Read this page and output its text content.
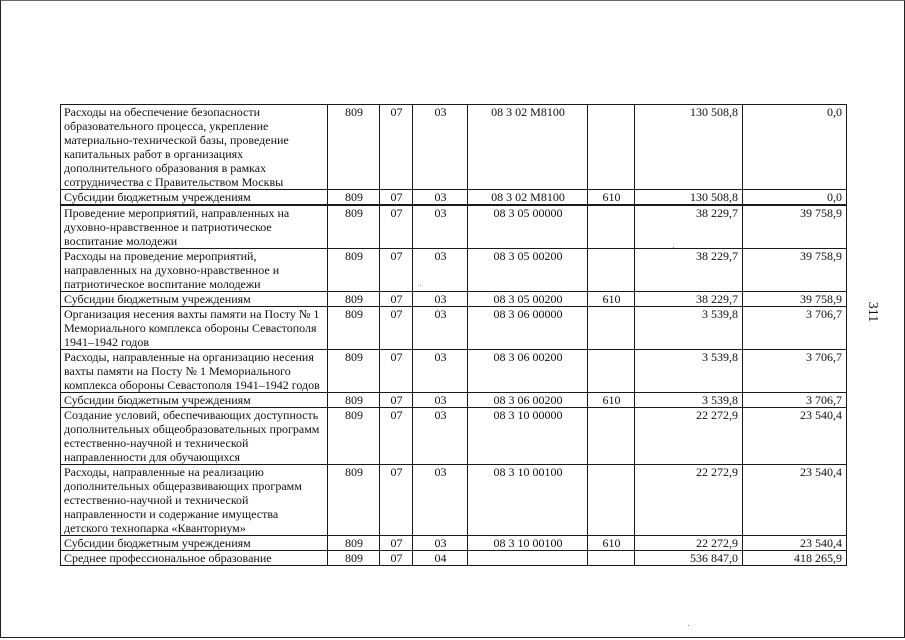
Расходы на обеспечение безопасности образовательного процесса, укрепление материально-технической базы, проведение капитальных работ в организациях дополнительного образования в рамках сотрудничества с Правительством Москвы	809	07	03	08 3 02 M8100		130 508,8	0,0
Субсидии бюджетным учреждениям	809	07	03	08 3 02 M8100	610	130 508,8	0,0
Проведение мероприятий, направленных на духовно-нравственное и патриотическое воспитание молодежи	809	07	03	08 3 05 00000		38 229,7	39 758,9
Расходы на проведение мероприятий, направленных на духовно-нравственное и патриотическое воспитание молодежи	809	07	03	08 3 05 00200		38 229,7	39 758,9
Субсидии бюджетным учреждениям	809	07	03	08 3 05 00200	610	38 229,7	39 758,9
Организация несения вахты памяти на Посту № 1 Мемориального комплекса обороны Севастополя 1941–1942 годов	809	07	03	08 3 06 00000		3 539,8	3 706,7
Расходы, направленные на организацию несения вахты памяти на Посту № 1 Мемориального комплекса обороны Севастополя 1941–1942 годов	809	07	03	08 3 06 00200		3 539,8	3 706,7
Субсидии бюджетным учреждениям	809	07	03	08 3 06 00200	610	3 539,8	3 706,7
Создание условий, обеспечивающих доступность дополнительных общеобразовательных программ естественно-научной и технической направленности для обучающихся	809	07	03	08 3 10 00000		22 272,9	23 540,4
Расходы, направленные на реализацию дополнительных общеразвивающих программ естественно-научной и технической направленности и содержание имущества детского технопарка «Кванториум»	809	07	03	08 3 10 00100		22 272,9	23 540,4
Субсидии бюджетным учреждениям	809	07	03	08 3 10 00100	610	22 272,9	23 540,4
Среднее профессиональное образование	809	07	04			536 847,0	418 265,9
311
